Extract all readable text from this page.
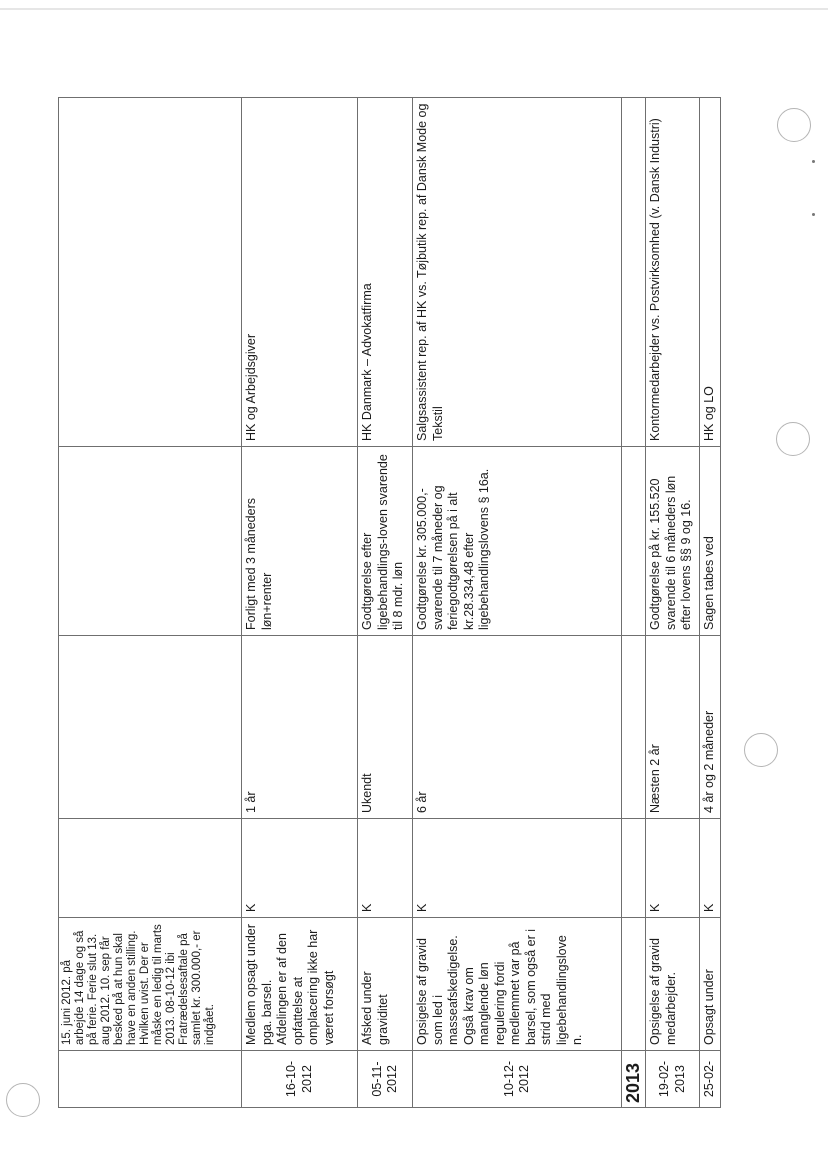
	15. juni 2012. på arbejde 14 dage og så på ferie. Ferie slut 13. aug 2012. 10. sep får besked på at hun skal have en anden stilling. Hvilken uvist. Der er måske en ledig til marts 2013. 08-10-12 ibi Fratrædelsesaftale på samlet kr. 300.000,- er indgået.				
16-10-2012	Medlem opsagt under pga. barsel. Afdelingen er af den opfattelse at omplacering ikke har været forsøgt	K	1 år	Forligt med 3 måneders løn+renter	HK og Arbejdsgiver
05-11-2012	Afsked under graviditet	K	Ukendt	Godtgørelse efter ligebehandlings-loven svarende til 8 mdr. løn	HK Danmark – Advokatfirma
10-12-2012	Opsigelse af gravid som led i masseafskedigelse. Også krav om manglende løn regulering fordi medlemmet var på barsel, som også er i strid med ligebehandlingslove n.	K	6 år	Godtgørelse kr. 305.000,- svarende til 7 måneder og feriegodtgørelsen på i alt kr.28.334,48 efter ligebehandlingslovens § 16a.	Salgsassistent rep. af HK vs. Tøjbutik rep. af Dansk Mode og Tekstil
2013					
19-02-2013	Opsigelse af gravid medarbejder.	K	Næsten 2 år	Godtgørelse på kr. 155.520 svarende til 6 måneders løn efter lovens §§ 9 og 16.	Kontormedarbejder vs. Postvirksomhed (v. Dansk Industri)
25-02-	Opsagt under	K	4 år og 2 måneder	Sagen tabes ved	HK og LO
